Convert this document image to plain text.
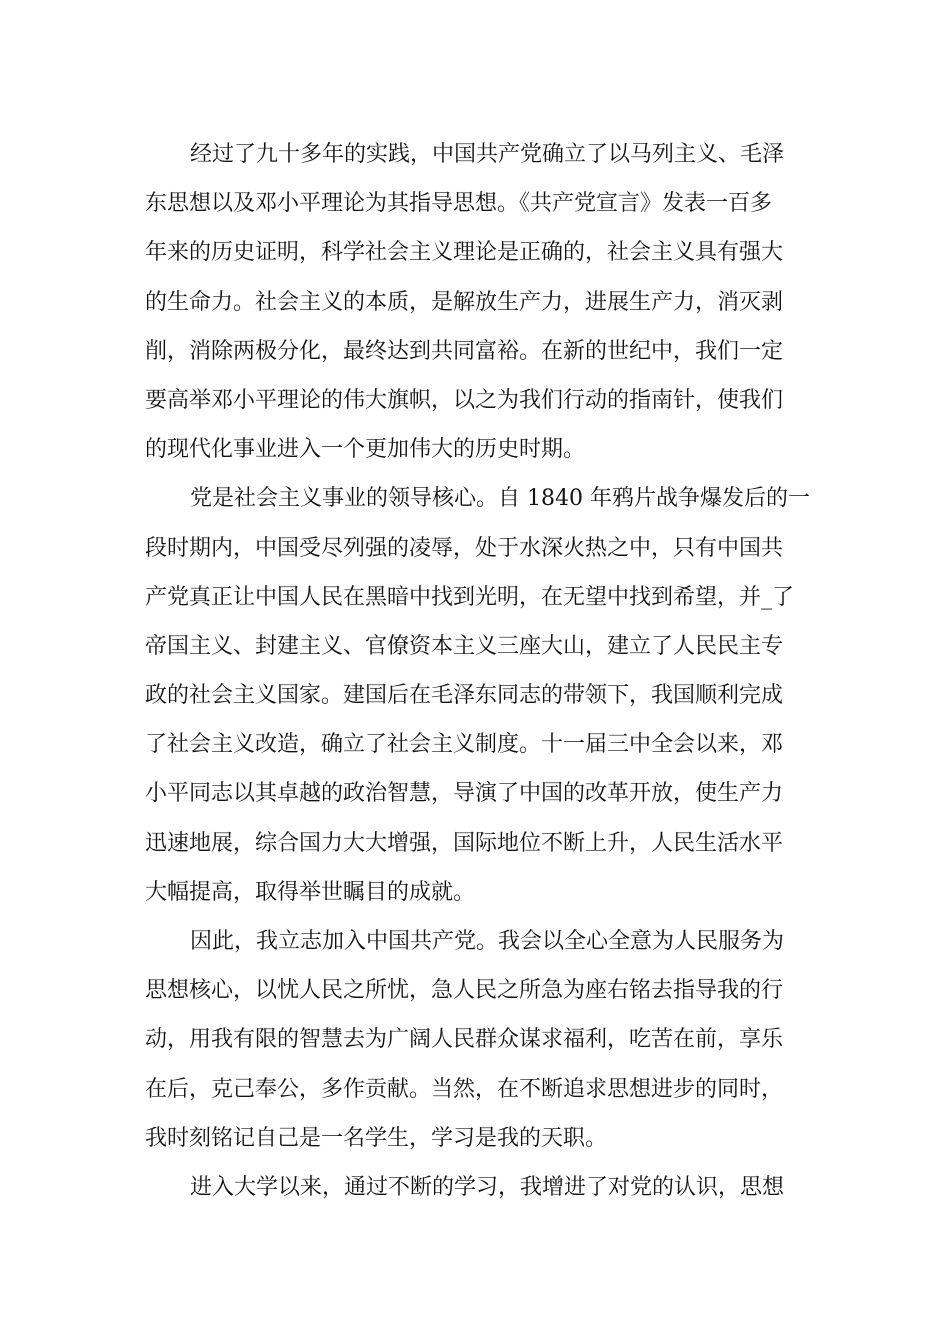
经过了九十多年的实践，中国共产党确立了以马列主义、毛泽
东思想以及邓小平理论为其指导思想。《共产党宣言》发表一百多
年来的历史证明，科学社会主义理论是正确的，社会主义具有强大
的生命力。社会主义的本质，是解放生产力，进展生产力，消灭剥
削，消除两极分化，最终达到共同富裕。在新的世纪中，我们一定
要高举邓小平理论的伟大旗帜，以之为我们行动的指南针，使我们
的现代化事业进入一个更加伟大的历史时期。
党是社会主义事业的领导核心。自 1840 年鸦片战争爆发后的一
段时期内，中国受尽列强的凌辱，处于水深火热之中，只有中国共
产党真正让中国人民在黑暗中找到光明，在无望中找到希望，并_了
帝国主义、封建主义、官僚资本主义三座大山，建立了人民民主专
政的社会主义国家。建国后在毛泽东同志的带领下，我国顺利完成
了社会主义改造，确立了社会主义制度。十一届三中全会以来，邓
小平同志以其卓越的政治智慧，导演了中国的改革开放，使生产力
迅速地展，综合国力大大增强，国际地位不断上升，人民生活水平
大幅提高，取得举世瞩目的成就。
因此，我立志加入中国共产党。我会以全心全意为人民服务为
思想核心，以忧人民之所忧，急人民之所急为座右铭去指导我的行
动，用我有限的智慧去为广阔人民群众谋求福利，吃苦在前，享乐
在后，克己奉公，多作贡献。当然，在不断追求思想进步的同时，
我时刻铭记自己是一名学生，学习是我的天职。
进入大学以来，通过不断的学习，我增进了对党的认识，思想
